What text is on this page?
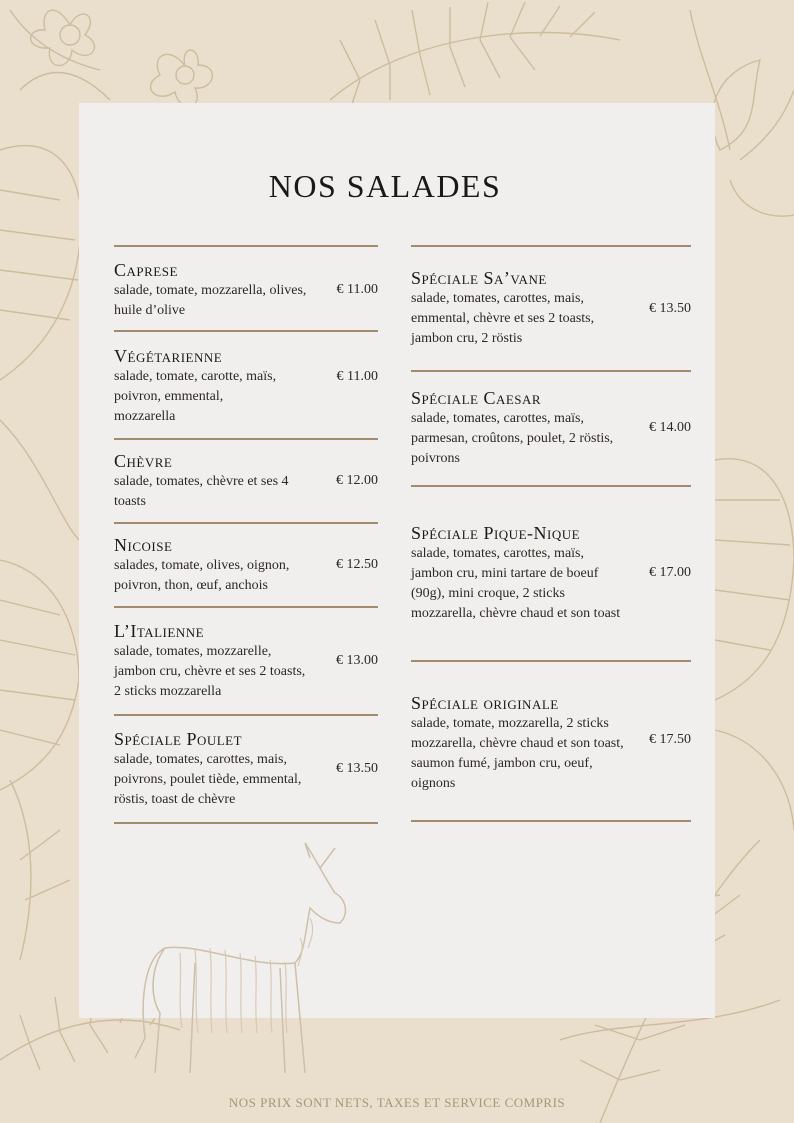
NOS SALADES
Caprese
salade, tomate, mozzarella, olives,
huile d’olive
€ 11.00
Végétarienne
salade, tomate, carotte, maïs,
poivron, emmental,
mozzarella
€ 11.00
Chèvre
salade, tomates, chèvre et ses 4
toasts
€ 12.00
Nicoise
salades, tomate, olives, oignon,
poivron, thon, œuf, anchois
€ 12.50
L’Italienne
salade, tomates, mozzarelle,
jambon cru, chèvre et ses 2 toasts,
2 sticks mozzarella
€ 13.00
Spéciale Poulet
salade, tomates, carottes, mais,
poivrons, poulet tiède, emmental,
röstis, toast de chèvre
€ 13.50
Spéciale Sa’vane
salade, tomates, carottes, mais,
emmental, chèvre et ses 2 toasts,
jambon cru, 2 röstis
€ 13.50
Spéciale Caesar
salade, tomates, carottes, maïs,
parmesan, croûtons, poulet, 2 röstis,
poivrons
€ 14.00
Spéciale Pique-Nique
salade, tomates, carottes, maïs,
jambon cru, mini tartare de boeuf
(90g), mini croque, 2 sticks
mozzarella, chèvre chaud et son toast
€ 17.00
Spéciale originale
salade, tomate, mozzarella, 2 sticks
mozzarella, chèvre chaud et son toast,
saumon fumé, jambon cru, oeuf,
oignons
€ 17.50
NOS PRIX SONT NETS, TAXES ET SERVICE COMPRIS
